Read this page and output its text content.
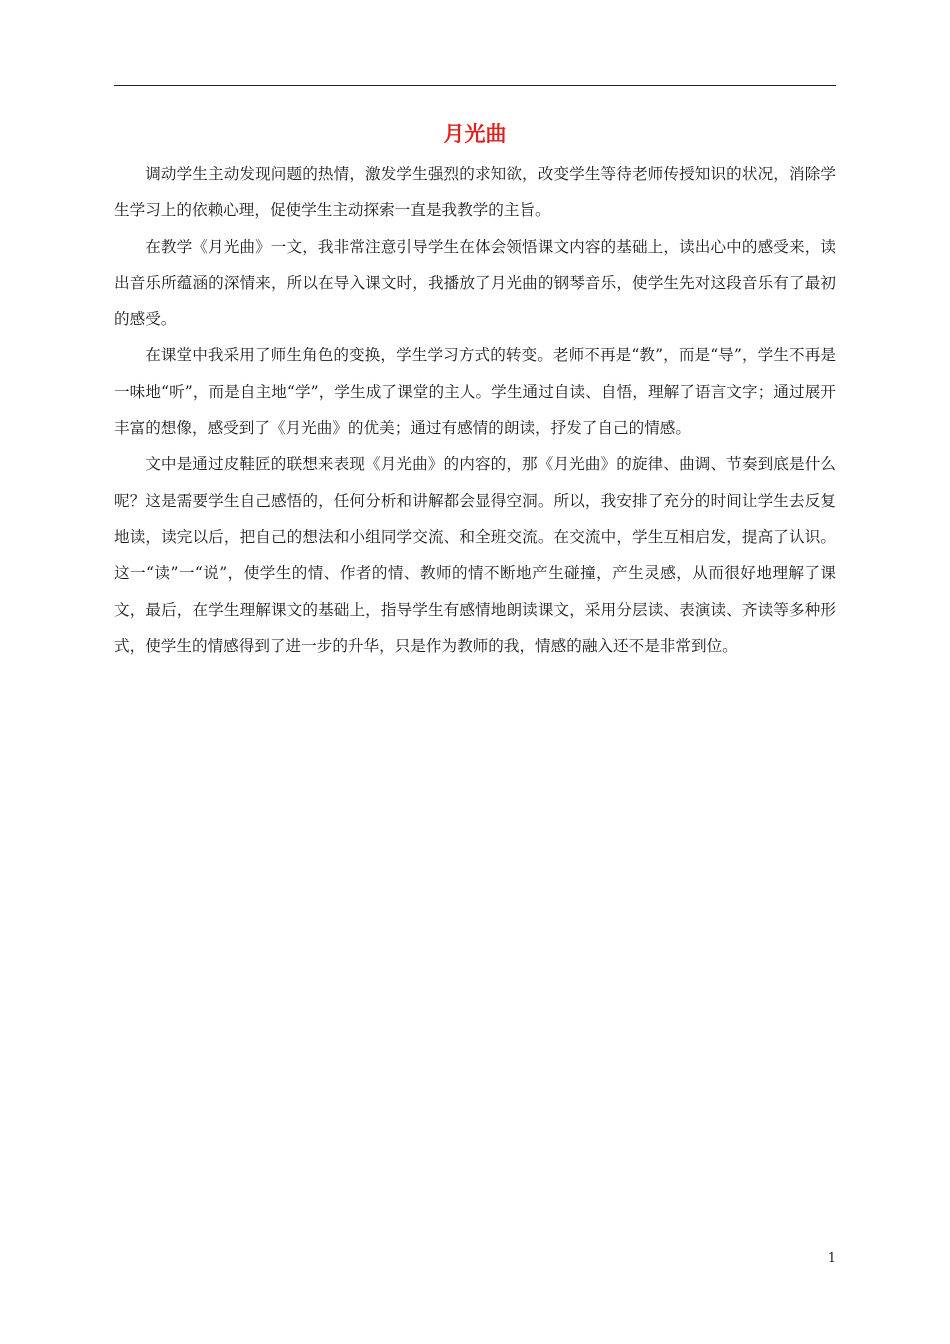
月光曲

调动学生主动发现问题的热情，激发学生强烈的求知欲，改变学生等待老师传授知识的状况，消除学生学习上的依赖心理，促使学生主动探索一直是我教学的主旨。

在教学《月光曲》一文，我非常注意引导学生在体会领悟课文内容的基础上，读出心中的感受来，读出音乐所蕴涵的深情来，所以在导入课文时，我播放了月光曲的钢琴音乐，使学生先对这段音乐有了最初的感受。

在课堂中我采用了师生角色的变换，学生学习方式的转变。老师不再是“教”，而是“导”，学生不再是一味地“听”，而是自主地“学”，学生成了课堂的主人。学生通过自读、自悟，理解了语言文字；通过展开丰富的想像，感受到了《月光曲》的优美；通过有感情的朗读，抒发了自己的情感。

文中是通过皮鞋匠的联想来表现《月光曲》的内容的，那《月光曲》的旋律、曲调、节奏到底是什么呢？这是需要学生自己感悟的，任何分析和讲解都会显得空洞。所以，我安排了充分的时间让学生去反复地读，读完以后，把自己的想法和小组同学交流、和全班交流。在交流中，学生互相启发，提高了认识。这一“读”一“说”，使学生的情、作者的情、教师的情不断地产生碰撞，产生灵感，从而很好地理解了课文，最后，在学生理解课文的基础上，指导学生有感情地朗读课文，采用分层读、表演读、齐读等多种形式，使学生的情感得到了进一步的升华，只是作为教师的我，情感的融入还不是非常到位。

1
